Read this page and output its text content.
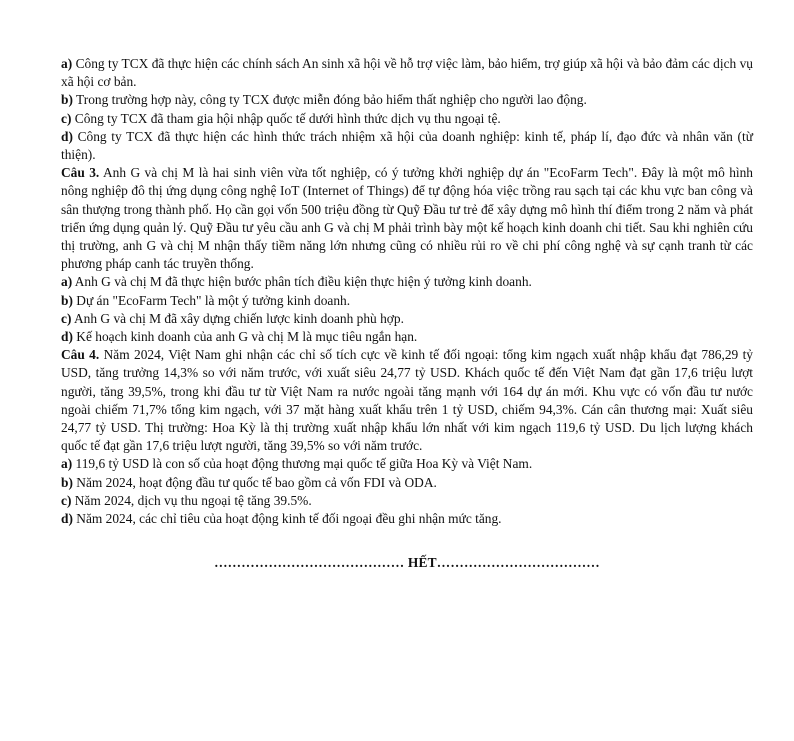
a) Công ty TCX đã thực hiện các chính sách An sinh xã hội về hỗ trợ việc làm, bảo hiểm, trợ giúp xã hội và bảo đảm các dịch vụ xã hội cơ bản.

b) Trong trường hợp này, công ty TCX được miễn đóng bảo hiểm thất nghiệp cho người lao động.

c) Công ty TCX đã tham gia hội nhập quốc tế dưới hình thức dịch vụ thu ngoại tệ.

d) Công ty TCX đã thực hiện các hình thức trách nhiệm xã hội của doanh nghiệp: kinh tế, pháp lí, đạo đức và nhân văn (từ thiện).

Câu 3. Anh G và chị M là hai sinh viên vừa tốt nghiệp, có ý tưởng khởi nghiệp dự án "EcoFarm Tech". Đây là một mô hình nông nghiệp đô thị ứng dụng công nghệ IoT (Internet of Things) để tự động hóa việc trồng rau sạch tại các khu vực ban công và sân thượng trong thành phố. Họ cần gọi vốn 500 triệu đồng từ Quỹ Đầu tư trẻ để xây dựng mô hình thí điểm trong 2 năm và phát triển ứng dụng quản lý. Quỹ Đầu tư yêu cầu anh G và chị M phải trình bày một kế hoạch kinh doanh chi tiết. Sau khi nghiên cứu thị trường, anh G và chị M nhận thấy tiềm năng lớn nhưng cũng có nhiều rủi ro về chi phí công nghệ và sự cạnh tranh từ các phương pháp canh tác truyền thống.

a) Anh G và chị M đã thực hiện bước phân tích điều kiện thực hiện ý tưởng kinh doanh.

b) Dự án "EcoFarm Tech" là một ý tưởng kinh doanh.

c) Anh G và chị M đã xây dựng chiến lược kinh doanh phù hợp.

d) Kế hoạch kinh doanh của anh G và chị M là mục tiêu ngắn hạn.

Câu 4. Năm 2024, Việt Nam ghi nhận các chỉ số tích cực về kinh tế đối ngoại: tổng kim ngạch xuất nhập khẩu đạt 786,29 tỷ USD, tăng trưởng 14,3% so với năm trước, với xuất siêu 24,77 tỷ USD. Khách quốc tế đến Việt Nam đạt gần 17,6 triệu lượt người, tăng 39,5%, trong khi đầu tư từ Việt Nam ra nước ngoài tăng mạnh với 164 dự án mới. Khu vực có vốn đầu tư nước ngoài chiếm 71,7% tổng kim ngạch, với 37 mặt hàng xuất khẩu trên 1 tỷ USD, chiếm 94,3%. Cán cân thương mại: Xuất siêu 24,77 tỷ USD. Thị trường: Hoa Kỳ là thị trường xuất nhập khẩu lớn nhất với kim ngạch 119,6 tỷ USD. Du lịch lượng khách quốc tế đạt gần 17,6 triệu lượt người, tăng 39,5% so với năm trước.

a) 119,6 tỷ USD là con số của hoạt động thương mại quốc tế giữa Hoa Kỳ và Việt Nam.

b) Năm 2024, hoạt động đầu tư quốc tế bao gồm cả vốn FDI và ODA.

c) Năm 2024, dịch vụ thu ngoại tệ tăng 39.5%.

d) Năm 2024, các chỉ tiêu của hoạt động kinh tế đối ngoại đều ghi nhận mức tăng.

…………………………………… HẾT………………………………
